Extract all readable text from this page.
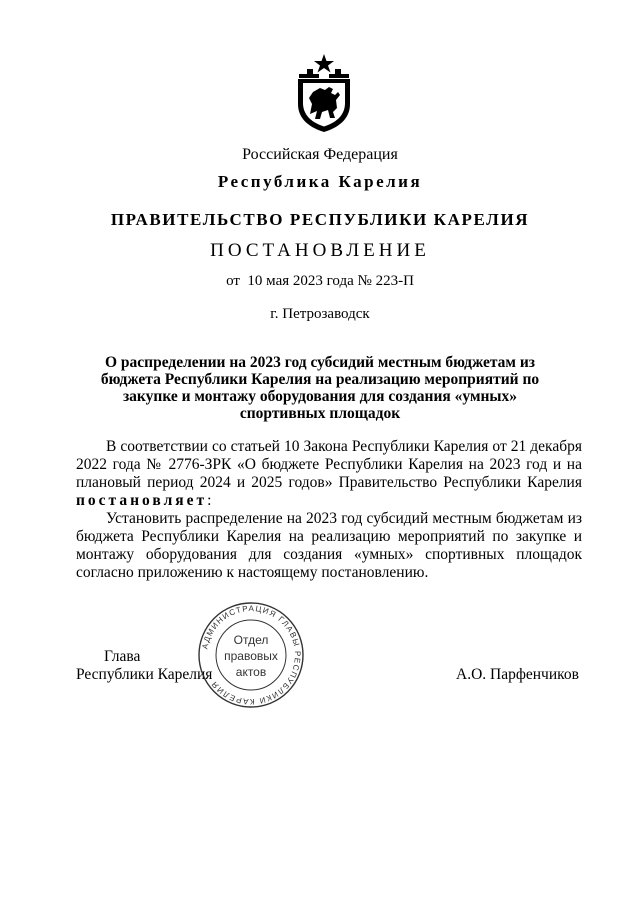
Российская Федерация
Республика Карелия
ПРАВИТЕЛЬСТВО РЕСПУБЛИКИ КАРЕЛИЯ
ПОСТАНОВЛЕНИЕ
от  10 мая 2023 года № 223-П
г. Петрозаводск
О распределении на 2023 год субсидий местным бюджетам из бюджета Республики Карелия на реализацию мероприятий по закупке и монтажу оборудования для создания «умных» спортивных площадок
В соответствии со статьей 10 Закона Республики Карелия от 21 декабря 2022 года № 2776-ЗРК «О бюджете Республики Карелия на 2023 год и на плановый период 2024 и 2025 годов» Правительство Республики Карелия постановляет:
Установить распределение на 2023 год субсидий местным бюджетам из бюджета Республики Карелия на реализацию мероприятий по закупке и монтажу оборудования для создания «умных» спортивных площадок согласно приложению к настоящему постановлению.
Глава
Республики Карелия	А.О. Парфенчиков
АДМИНИСТРАЦИЯ ГЛАВЫ РЕСПУБЛИКИ КАРЕЛИЯ
Отдел
правовых
актов
